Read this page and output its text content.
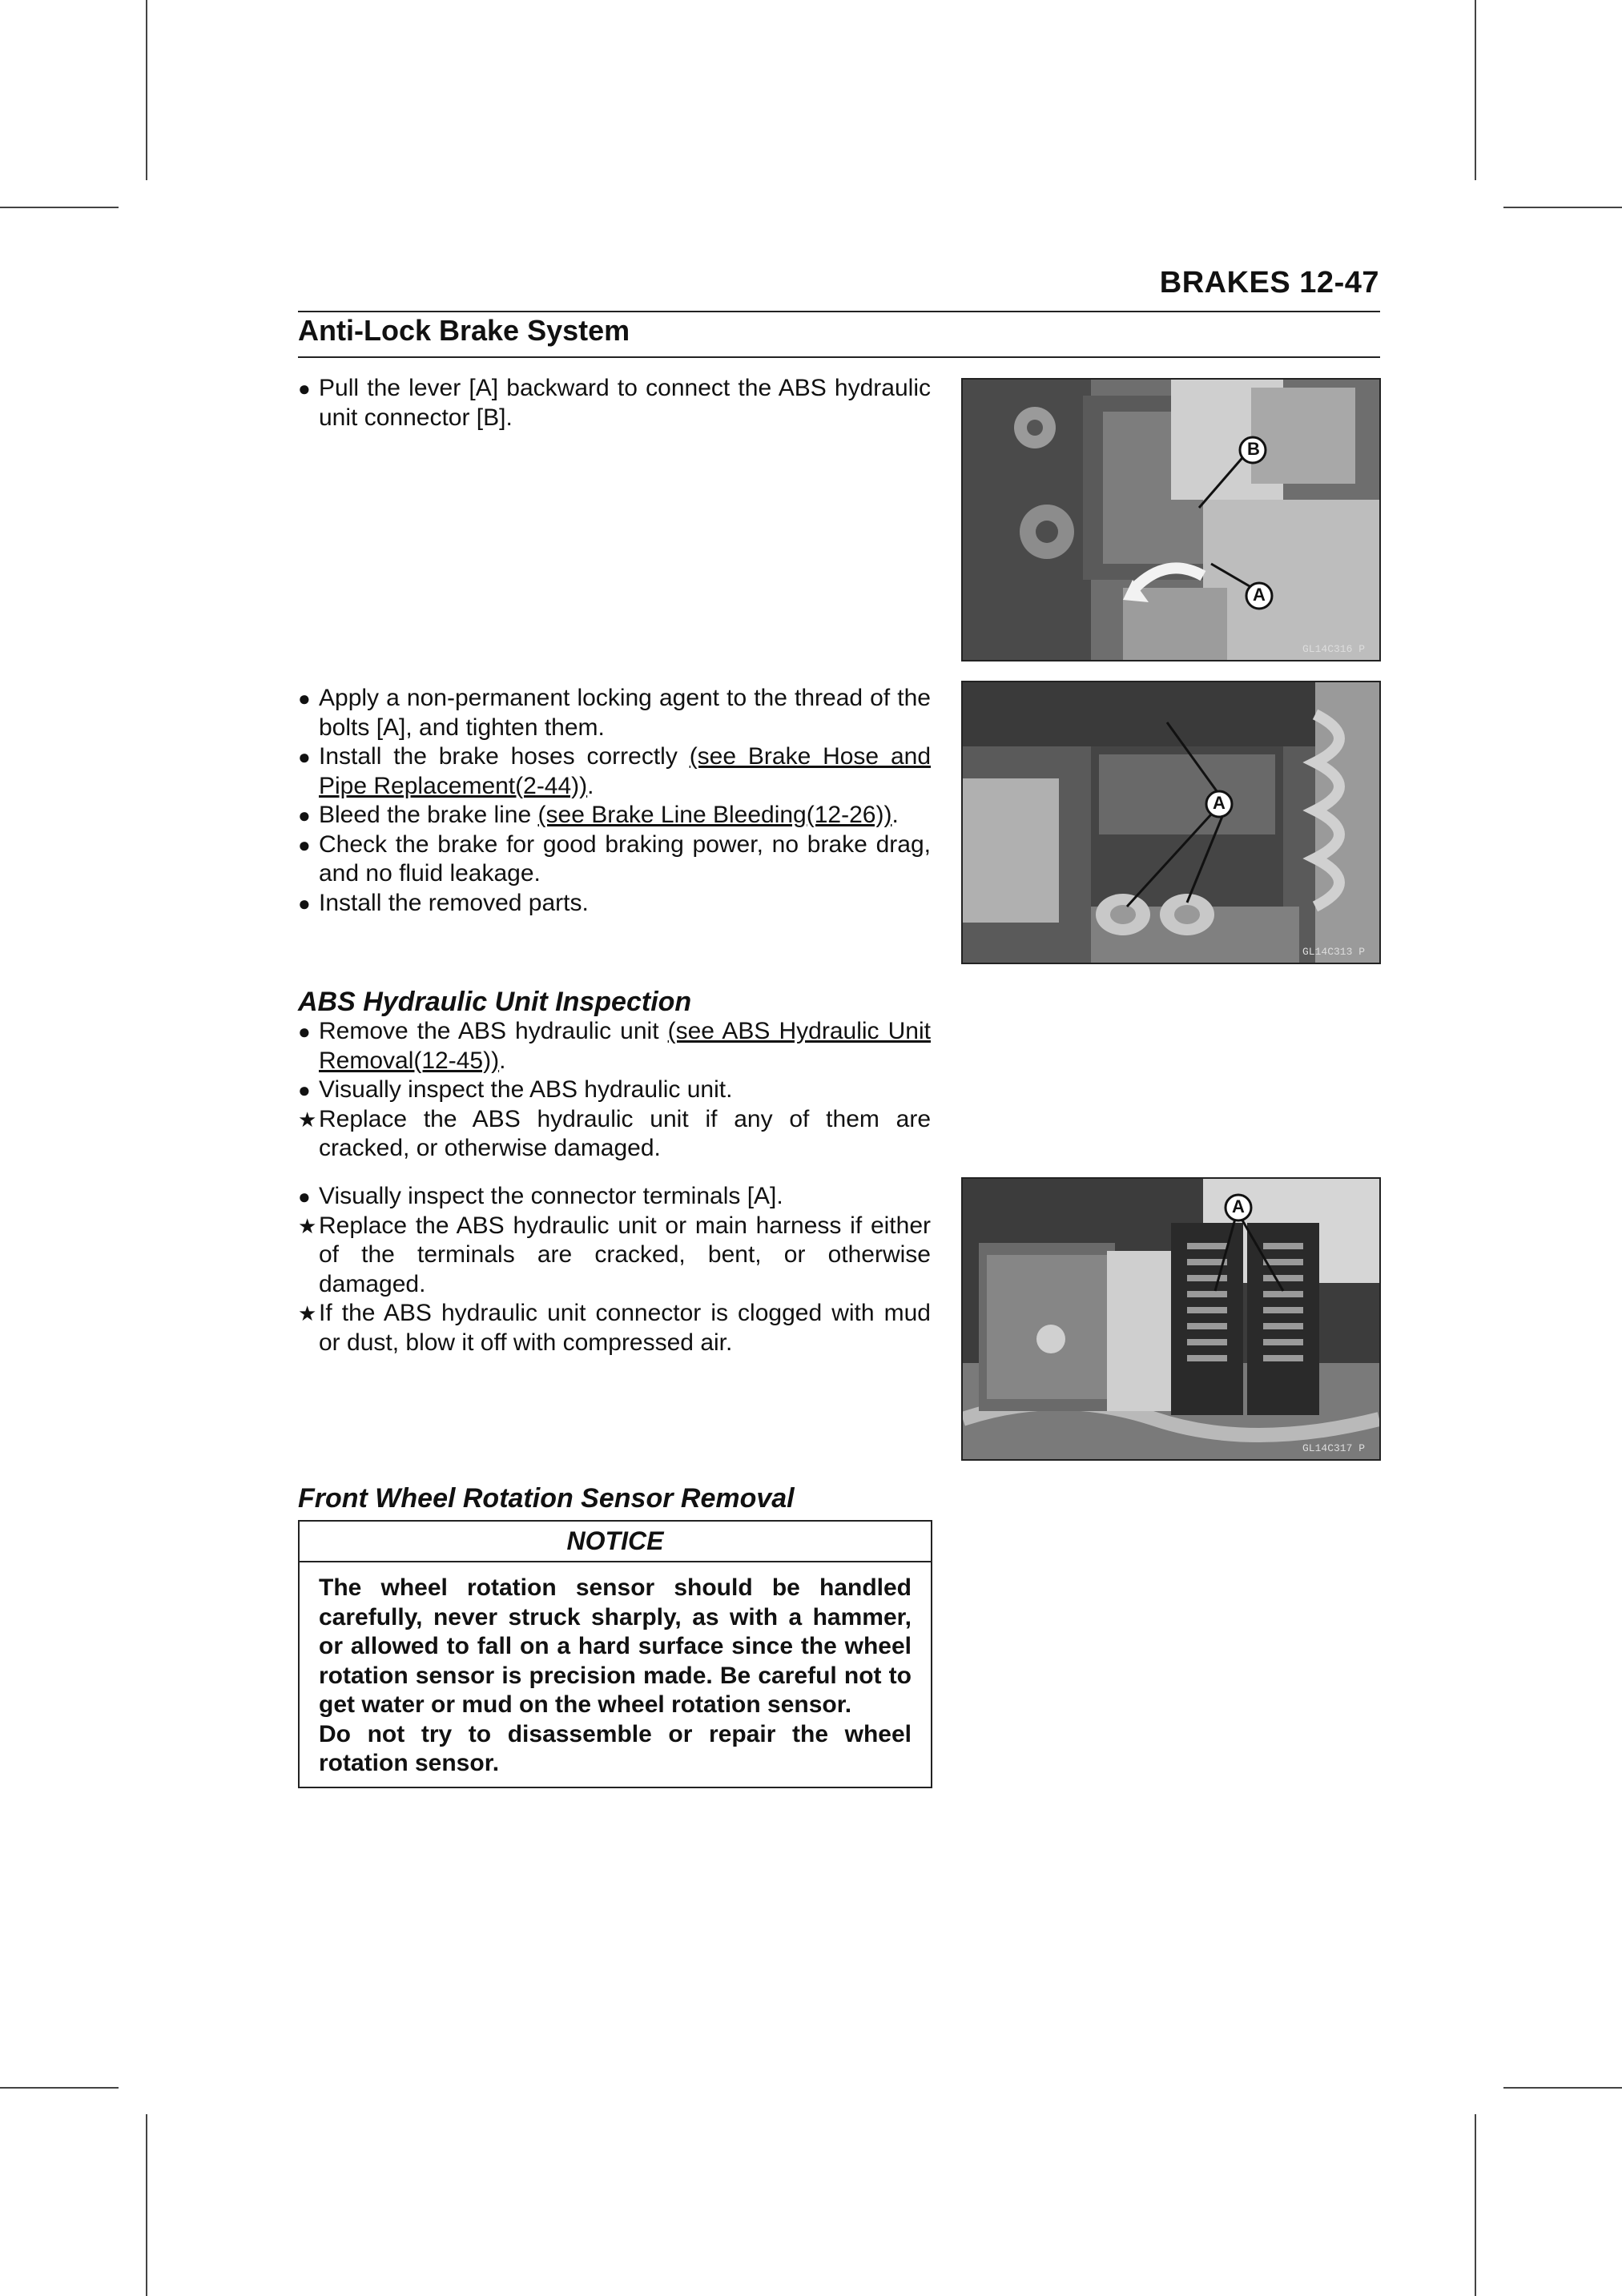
BRAKES 12-47
Anti-Lock Brake System
● Pull the lever [A] backward to connect the ABS hydraulic unit connector [B].
● Apply a non-permanent locking agent to the thread of the bolts [A], and tighten them.
● Install the brake hoses correctly (see Brake Hose and Pipe Replacement(2-44)).
● Bleed the brake line (see Brake Line Bleeding(12-26)).
● Check the brake for good braking power, no brake drag, and no fluid leakage.
● Install the removed parts.
ABS Hydraulic Unit Inspection
● Remove the ABS hydraulic unit (see ABS Hydraulic Unit Removal(12-45)).
● Visually inspect the ABS hydraulic unit.
★ Replace the ABS hydraulic unit if any of them are cracked, or otherwise damaged.
● Visually inspect the connector terminals [A].
★ Replace the ABS hydraulic unit or main harness if either of the terminals are cracked, bent, or otherwise damaged.
★ If the ABS hydraulic unit connector is clogged with mud or dust, blow it off with compressed air.
Front Wheel Rotation Sensor Removal
NOTICE
The wheel rotation sensor should be handled carefully, never struck sharply, as with a hammer, or allowed to fall on a hard surface since the wheel rotation sensor is precision made. Be careful not to get water or mud on the wheel rotation sensor.
Do not try to disassemble or repair the wheel rotation sensor.
B
A
GL14C316 P
A
GL14C313 P
A
GL14C317 P
